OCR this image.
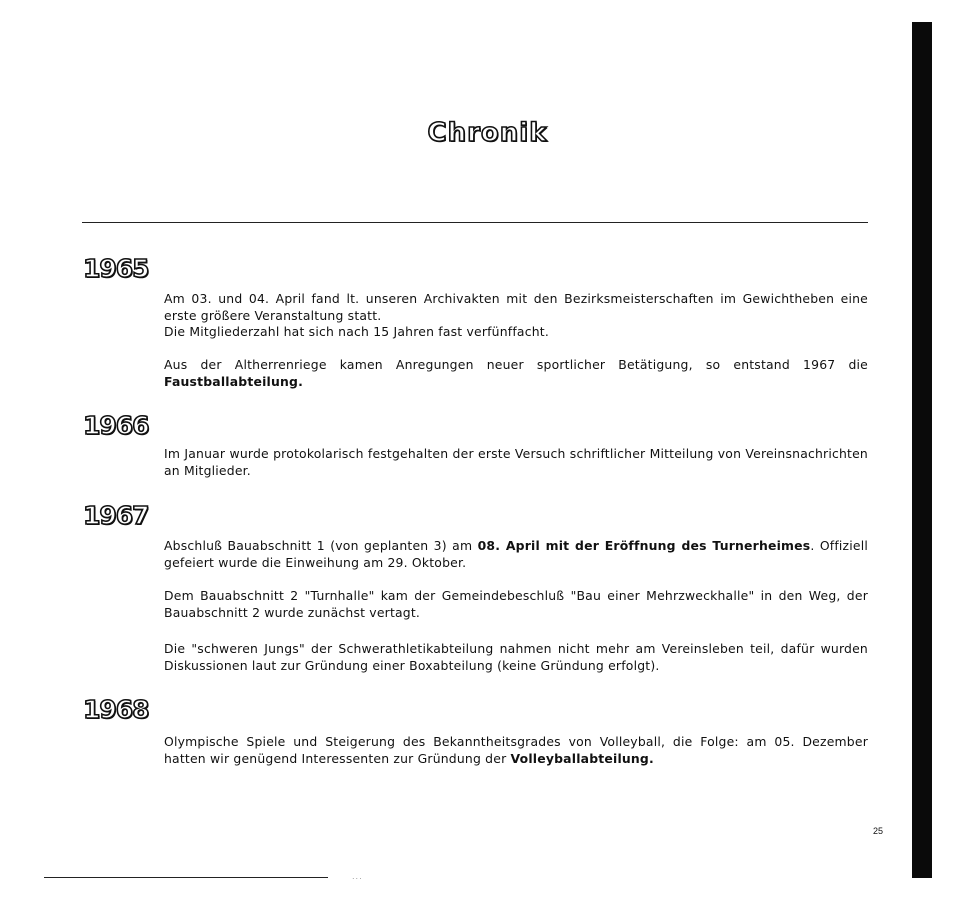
Chronik
1965

Am 03. und 04. April fand lt. unseren Archivakten mit den Bezirksmeisterschaften im Gewichtheben eine erste größere Veranstaltung statt.

Die Mitgliederzahl hat sich nach 15 Jahren fast verfünffacht.

Aus der Altherrenriege kamen Anregungen neuer sportlicher Betätigung, so entstand 1967 die Faustballabteilung.

1966

Im Januar wurde protokolarisch festgehalten der erste Versuch schriftlicher Mitteilung von Vereinsnachrichten an Mitglieder.

1967

Abschluß Bauabschnitt 1 (von geplanten 3) am 08. April mit der Eröffnung des Turnerheimes. Offiziell gefeiert wurde die Einweihung am 29. Oktober.

Dem Bauabschnitt 2 "Turnhalle" kam der Gemeindebeschluß "Bau einer Mehrzweckhalle" in den Weg, der Bauabschnitt 2 wurde zunächst vertagt.

Die "schweren Jungs" der Schwerathletikabteilung nahmen nicht mehr am Vereinsleben teil, dafür wurden Diskussionen laut zur Gründung einer Boxabteilung (keine Gründung erfolgt).

1968

Olympische Spiele und Steigerung des Bekanntheitsgrades von Volleyball, die Folge: am 05. Dezember hatten wir genügend Interessenten zur Gründung der Volleyballabteilung.

25
...
